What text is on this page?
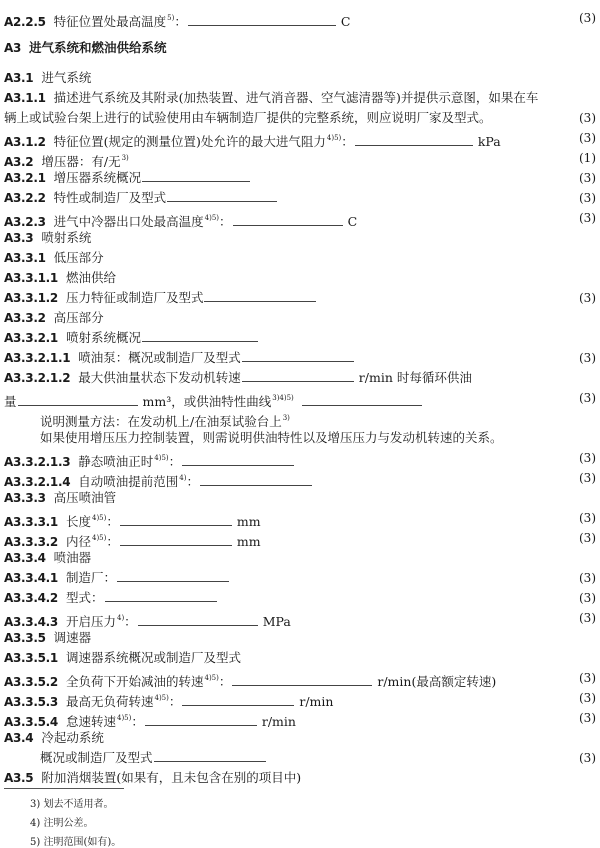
A2.2.5 特征位置处最高温度$^{5)}$：	C	(3)
A3 进气系统和燃油供给系统
A3.1 进气系统
A3.1.1 描述进气系统及其附录(加热装置、进气消音器、空气滤清器等)并提供示意图，如果在车
辆上或试验台架上进行的试验使用由车辆制造厂提供的完整系统，则应说明厂家及型式。	(3)
A3.1.2 特征位置(规定的测量位置)处允许的最大进气阻力$^{4)5)}$：	kPa	(3)
A3.2 增压器：有/无$^{3)}$	(1)
A3.2.1 增压器系统概况	(3)
A3.2.2 特性或制造厂及型式	(3)
A3.2.3 进气中冷器出口处最高温度$^{4)5)}$：	C	(3)
A3.3 喷射系统
A3.3.1 低压部分
A3.3.1.1 燃油供给
A3.3.1.2 压力特征或制造厂及型式	(3)
A3.3.2 高压部分
A3.3.2.1 喷射系统概况
A3.3.2.1.1 喷油泵：概况或制造厂及型式	(3)
A3.3.2.1.2 最大供油量状态下发动机转速	r/min 时每循环供油
量	mm³，或供油特性曲线$^{3)4)5)}$	(3)
说明测量方法：在发动机上/在油泵试验台上$^{3)}$
如果使用增压压力控制装置，则需说明供油特性以及增压压力与发动机转速的关系。
A3.3.2.1.3 静态喷油正时$^{4)5)}$：	(3)
A3.3.2.1.4 自动喷油提前范围$^{4)}$：	(3)
A3.3.3 高压喷油管
A3.3.3.1 长度$^{4)5)}$：	mm	(3)
A3.3.3.2 内径$^{4)5)}$：	mm	(3)
A3.3.4 喷油器
A3.3.4.1 制造厂：	(3)
A3.3.4.2 型式：	(3)
A3.3.4.3 开启压力$^{4)}$：	MPa	(3)
A3.3.5 调速器
A3.3.5.1 调速器系统概况或制造厂及型式
A3.3.5.2 全负荷下开始减油的转速$^{4)5)}$：	r/min(最高额定转速)	(3)
A3.3.5.3 最高无负荷转速$^{4)5)}$：	r/min	(3)
A3.3.5.4 怠速转速$^{4)5)}$：	r/min	(3)
A3.4 冷起动系统
概况或制造厂及型式	(3)
A3.5 附加消烟装置(如果有，且未包含在别的项目中)
3) 划去不适用者。
4) 注明公差。
5) 注明范围(如有)。
